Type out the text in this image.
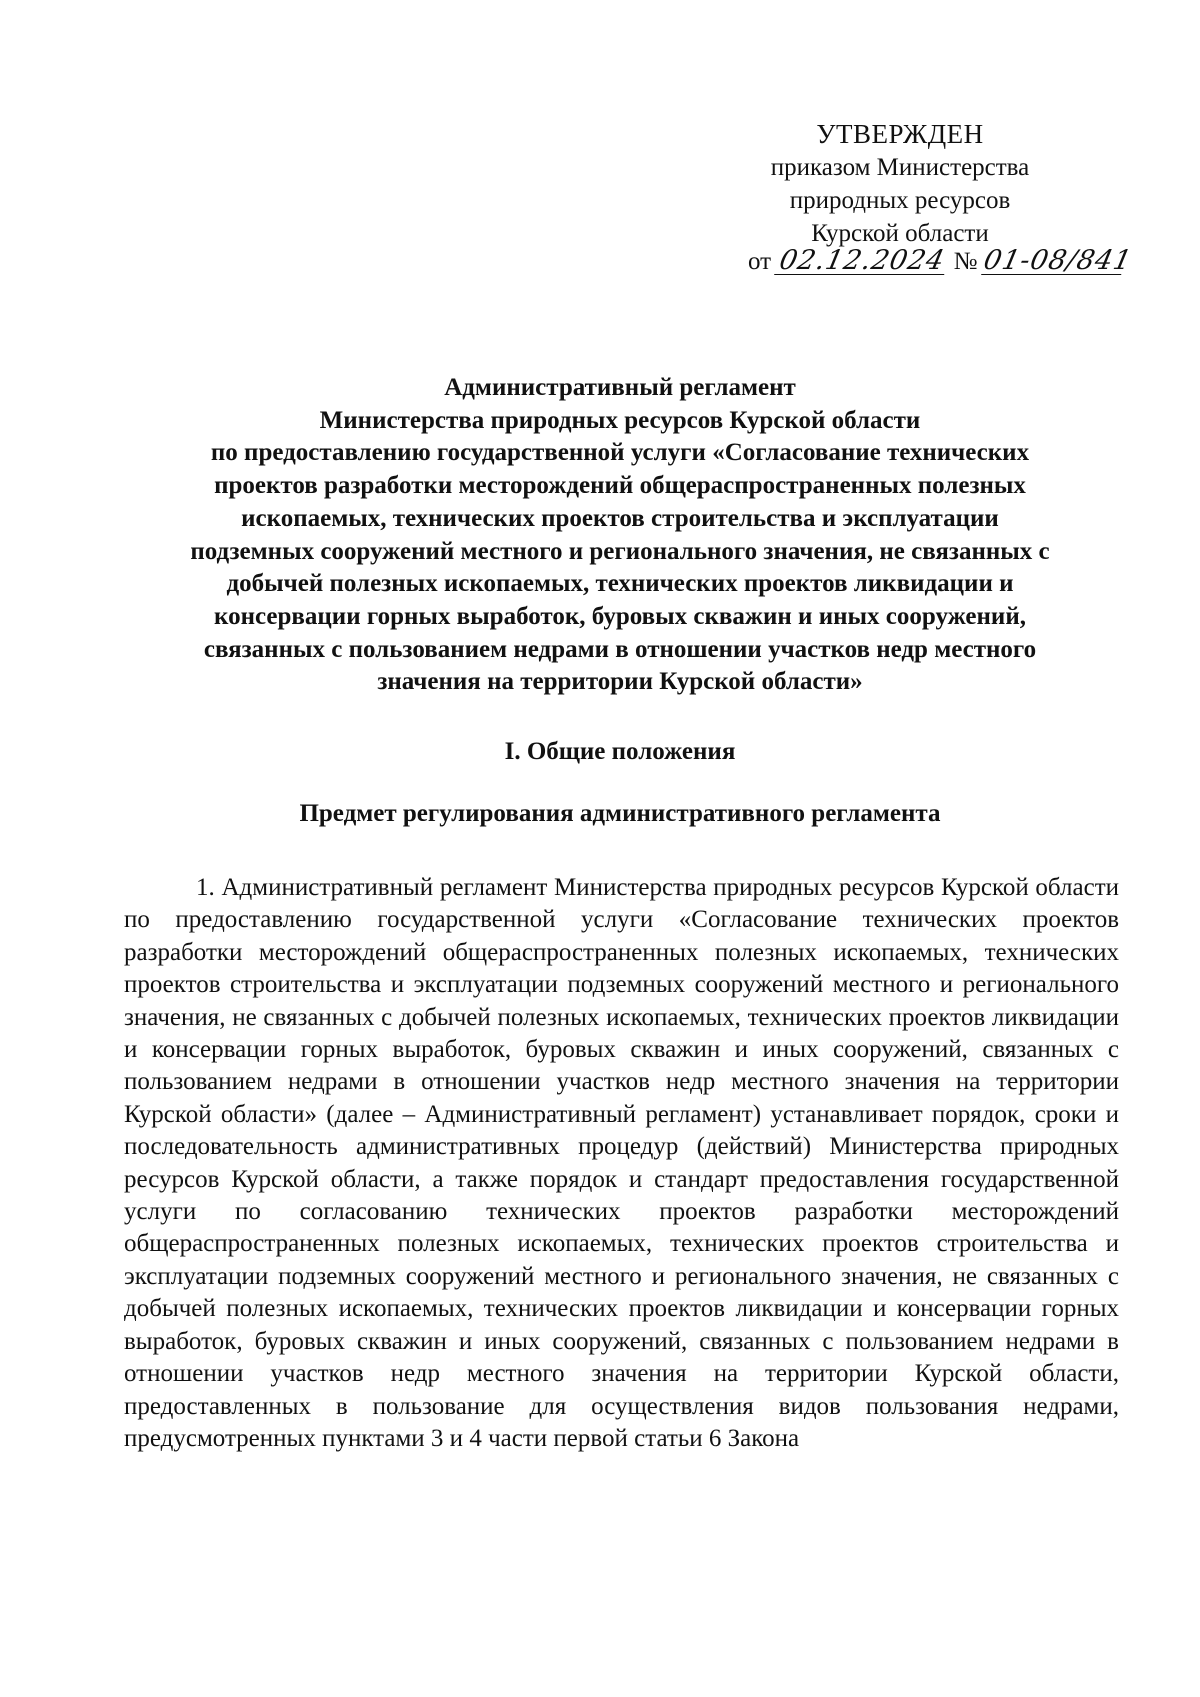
УТВЕРЖДЕН
приказом Министерства
природных ресурсов
Курской области
от 02.12.2024 № 01-08/841
Административный регламент
Министерства природных ресурсов Курской области
по предоставлению государственной услуги «Согласование технических
проектов разработки месторождений общераспространенных полезных
ископаемых, технических проектов строительства и эксплуатации
подземных сооружений местного и регионального значения, не связанных с
добычей полезных ископаемых, технических проектов ликвидации и
консервации горных выработок, буровых скважин и иных сооружений,
связанных с пользованием недрами в отношении участков недр местного
значения на территории Курской области»
I. Общие положения
Предмет регулирования административного регламента

1. Административный регламент Министерства природных ресурсов Курской области по предоставлению государственной услуги «Согласование технических проектов разработки месторождений общераспространенных полезных ископаемых, технических проектов строительства и эксплуатации подземных сооружений местного и регионального значения, не связанных с добычей полезных ископаемых, технических проектов ликвидации и консервации горных выработок, буровых скважин и иных сооружений, связанных с пользованием недрами в отношении участков недр местного значения на территории Курской области» (далее – Административный регламент) устанавливает порядок, сроки и последовательность административных процедур (действий) Министерства природных ресурсов Курской области, а также порядок и стандарт предоставления государственной услуги по согласованию технических проектов разработки месторождений общераспространенных полезных ископаемых, технических проектов строительства и эксплуатации подземных сооружений местного и регионального значения, не связанных с добычей полезных ископаемых, технических проектов ликвидации и консервации горных выработок, буровых скважин и иных сооружений, связанных с пользованием недрами в отношении участков недр местного значения на территории Курской области, предоставленных в пользование для осуществления видов пользования недрами, предусмотренных пунктами 3 и 4 части первой статьи 6 Закона
